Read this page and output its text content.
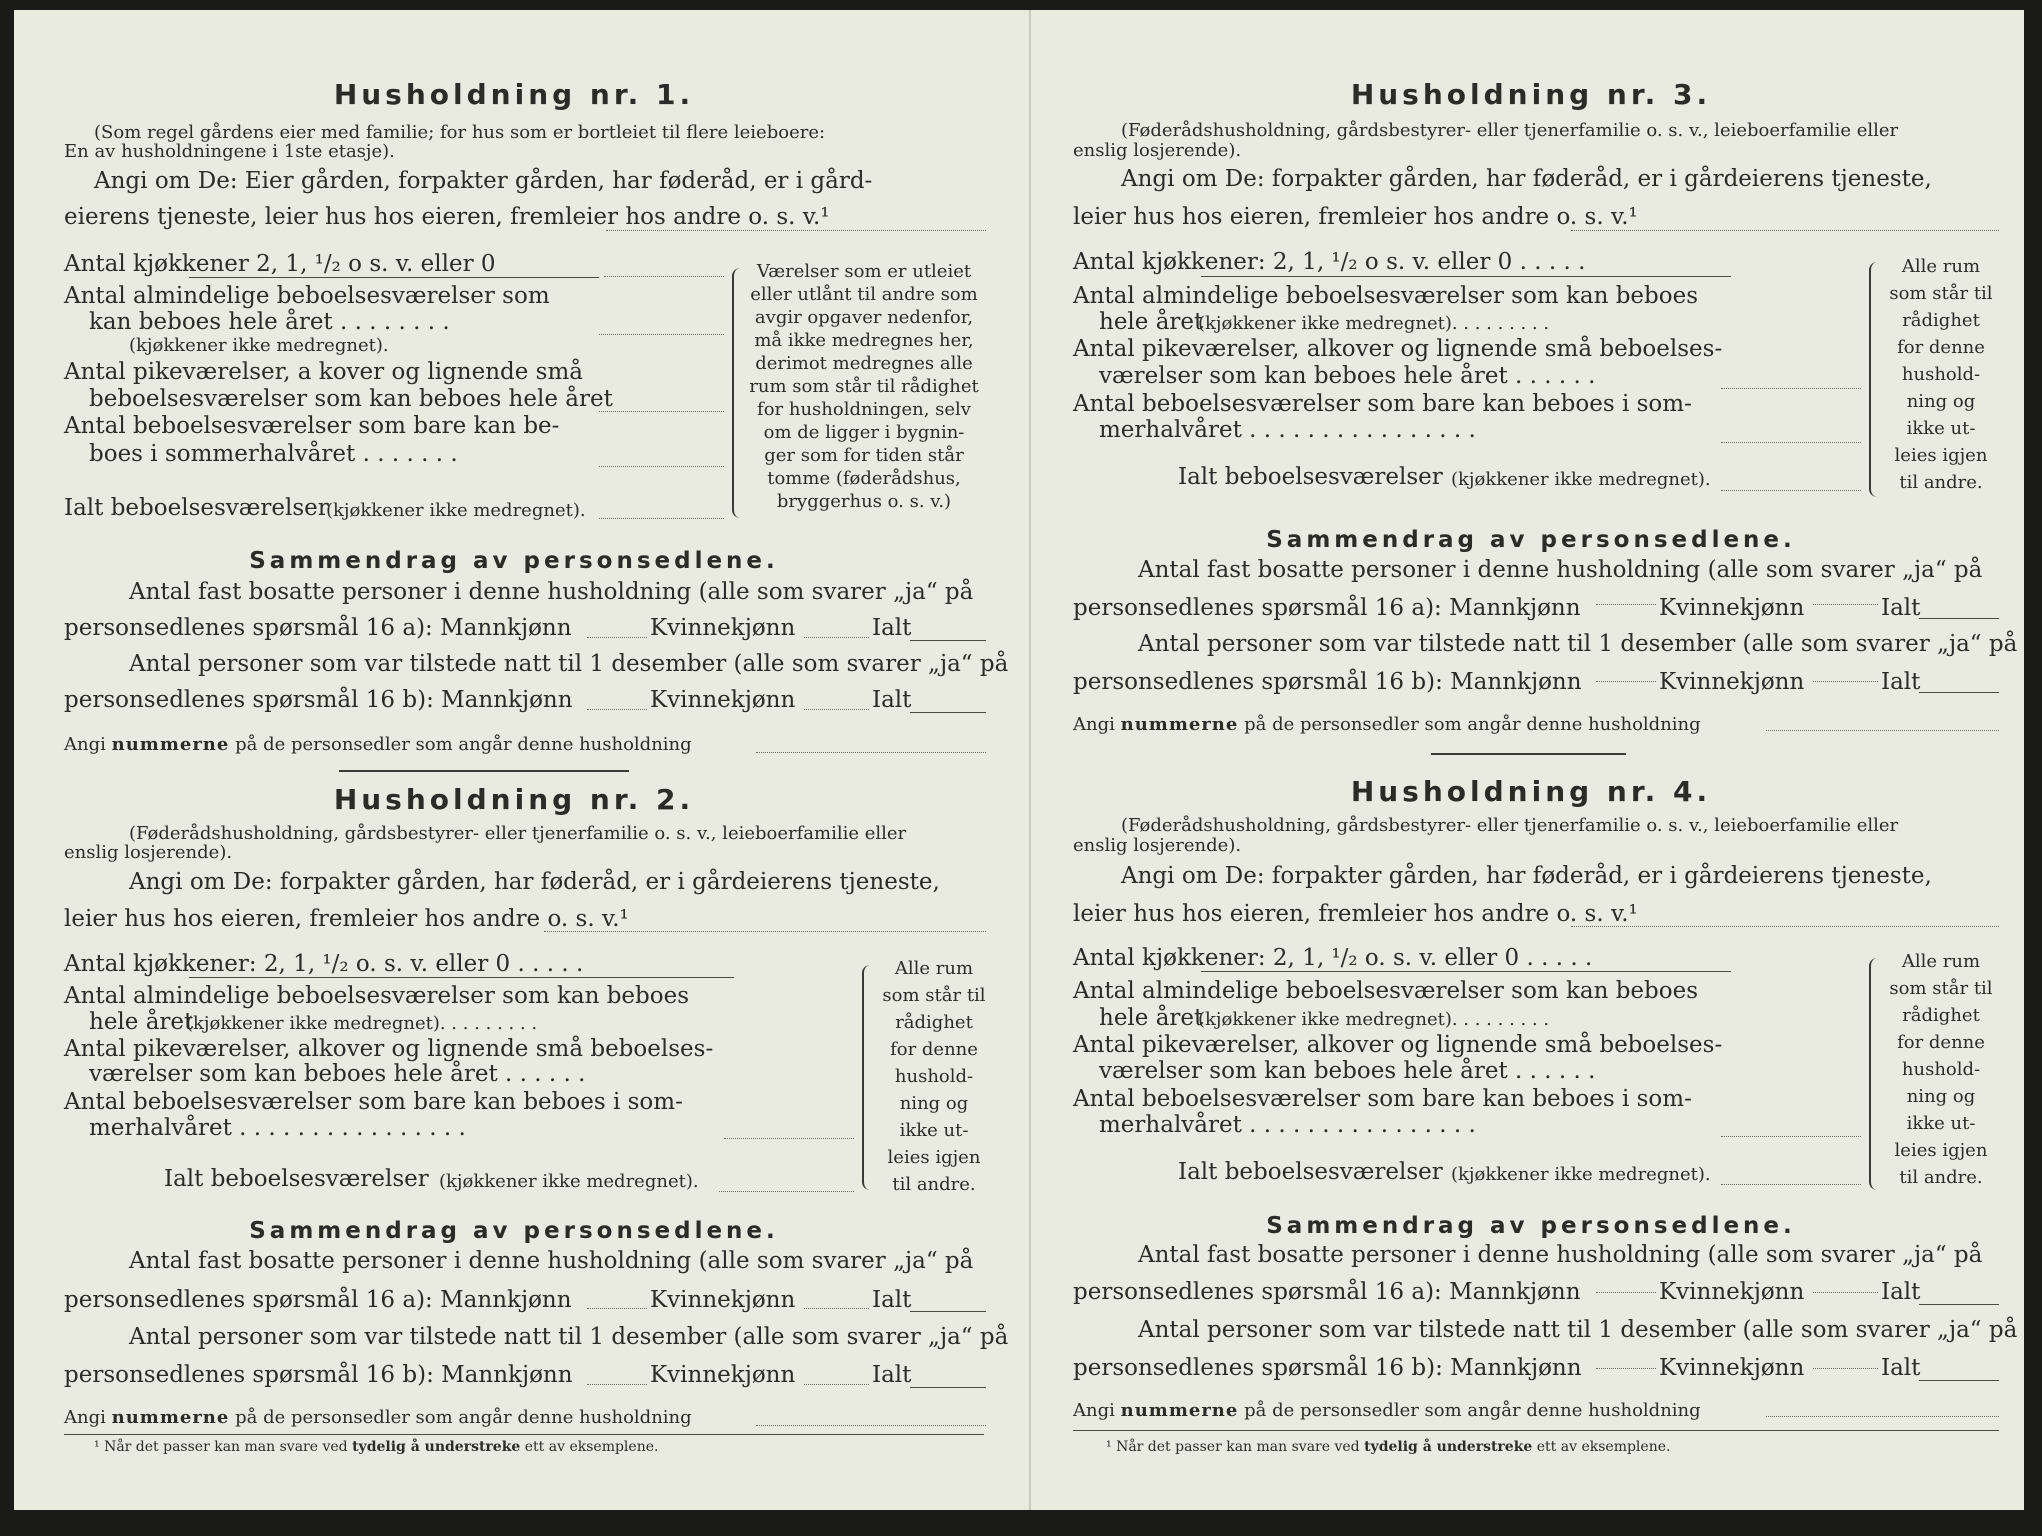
Husholdning nr. 1.
(Som regel gårdens eier med familie; for hus som er bortleiet til flere leieboere:
En av husholdningene i 1ste etasje).
Angi om De: Eier gården, forpakter gården, har føderåd, er i gård-
eierens tjeneste, leier hus hos eieren, fremleier hos andre o. s. v.¹
Antal kjøkkener 2, 1, ¹/₂ o s. v. eller 0
Antal almindelige beboelsesværelser som
kan beboes hele året . . . . . . . .
(kjøkkener ikke medregnet).
Antal pikeværelser, a kover og lignende små
beboelsesværelser som kan beboes hele året
Antal beboelsesværelser som bare kan be-
boes i sommerhalvåret . . . . . . .
Ialt beboelsesværelser
(kjøkkener ikke medregnet).
Værelser som er utleiet
eller utlånt til andre som
avgir opgaver nedenfor,
må ikke medregnes her,
derimot medregnes alle
rum som står til rådighet
for husholdningen, selv
om de ligger i bygnin-
ger som for tiden står
tomme (føderådshus,
bryggerhus o. s. v.)
Sammendrag av personsedlene.
Antal fast bosatte personer i denne husholdning (alle som svarer „ja“ på
personsedlenes spørsmål 16 a): Mannkjønn	Kvinnekjønn	Ialt
Antal personer som var tilstede natt til 1 desember (alle som svarer „ja“ på
personsedlenes spørsmål 16 b): Mannkjønn	Kvinnekjønn	Ialt
Angi nummerne på de personsedler som angår denne husholdning
Husholdning nr. 2.
(Føderådshusholdning, gårdsbestyrer- eller tjenerfamilie o. s. v., leieboerfamilie eller
enslig losjerende).
Angi om De: forpakter gården, har føderåd, er i gårdeierens tjeneste,
leier hus hos eieren, fremleier hos andre o. s. v.¹
Antal kjøkkener: 2, 1, ¹/₂ o. s. v. eller 0 . . . . .
Antal almindelige beboelsesværelser som kan beboes
hele året
(kjøkkener ikke medregnet). . . . . . . . .
Antal pikeværelser, alkover og lignende små beboelses-
værelser som kan beboes hele året . . . . . .
Antal beboelsesværelser som bare kan beboes i som-
merhalvåret . . . . . . . . . . . . . . . .
Ialt beboelsesværelser (kjøkkener ikke medregnet).
Alle rum
som står til
rådighet
for denne
hushold-
ning og
ikke ut-
leies igjen
til andre.
Sammendrag av personsedlene.
Antal fast bosatte personer i denne husholdning (alle som svarer „ja“ på
personsedlenes spørsmål 16 a): Mannkjønn	Kvinnekjønn	Ialt
Antal personer som var tilstede natt til 1 desember (alle som svarer „ja“ på
personsedlenes spørsmål 16 b): Mannkjønn	Kvinnekjønn	Ialt
Angi nummerne på de personsedler som angår denne husholdning
¹ Når det passer kan man svare ved tydelig å understreke ett av eksemplene.
Husholdning nr. 3.
(Føderådshusholdning, gårdsbestyrer- eller tjenerfamilie o. s. v., leieboerfamilie eller
enslig losjerende).
Angi om De: forpakter gården, har føderåd, er i gårdeierens tjeneste,
leier hus hos eieren, fremleier hos andre o. s. v.¹
Antal kjøkkener: 2, 1, ¹/₂ o s. v. eller 0 . . . . .
Antal almindelige beboelsesværelser som kan beboes
hele året
(kjøkkener ikke medregnet). . . . . . . . .
Antal pikeværelser, alkover og lignende små beboelses-
værelser som kan beboes hele året . . . . . .
Antal beboelsesværelser som bare kan beboes i som-
merhalvåret . . . . . . . . . . . . . . . .
Ialt beboelsesværelser (kjøkkener ikke medregnet).
Alle rum
som står til
rådighet
for denne
hushold-
ning og
ikke ut-
leies igjen
til andre.
Sammendrag av personsedlene.
Antal fast bosatte personer i denne husholdning (alle som svarer „ja“ på
personsedlenes spørsmål 16 a): Mannkjønn	Kvinnekjønn	Ialt
Antal personer som var tilstede natt til 1 desember (alle som svarer „ja“ på
personsedlenes spørsmål 16 b): Mannkjønn	Kvinnekjønn	Ialt
Angi nummerne på de personsedler som angår denne husholdning
Husholdning nr. 4.
(Føderådshusholdning, gårdsbestyrer- eller tjenerfamilie o. s. v., leieboerfamilie eller
enslig losjerende).
Angi om De: forpakter gården, har føderåd, er i gårdeierens tjeneste,
leier hus hos eieren, fremleier hos andre o. s. v.¹
Antal kjøkkener: 2, 1, ¹/₂ o. s. v. eller 0 . . . . .
Antal almindelige beboelsesværelser som kan beboes
hele året
(kjøkkener ikke medregnet). . . . . . . . .
Antal pikeværelser, alkover og lignende små beboelses-
værelser som kan beboes hele året . . . . . .
Antal beboelsesværelser som bare kan beboes i som-
merhalvåret . . . . . . . . . . . . . . . .
Ialt beboelsesværelser (kjøkkener ikke medregnet).
Alle rum
som står til
rådighet
for denne
hushold-
ning og
ikke ut-
leies igjen
til andre.
Sammendrag av personsedlene.
Antal fast bosatte personer i denne husholdning (alle som svarer „ja“ på
personsedlenes spørsmål 16 a): Mannkjønn	Kvinnekjønn	Ialt
Antal personer som var tilstede natt til 1 desember (alle som svarer „ja“ på
personsedlenes spørsmål 16 b): Mannkjønn	Kvinnekjønn	Ialt
Angi nummerne på de personsedler som angår denne husholdning
¹ Når det passer kan man svare ved tydelig å understreke ett av eksemplene.
